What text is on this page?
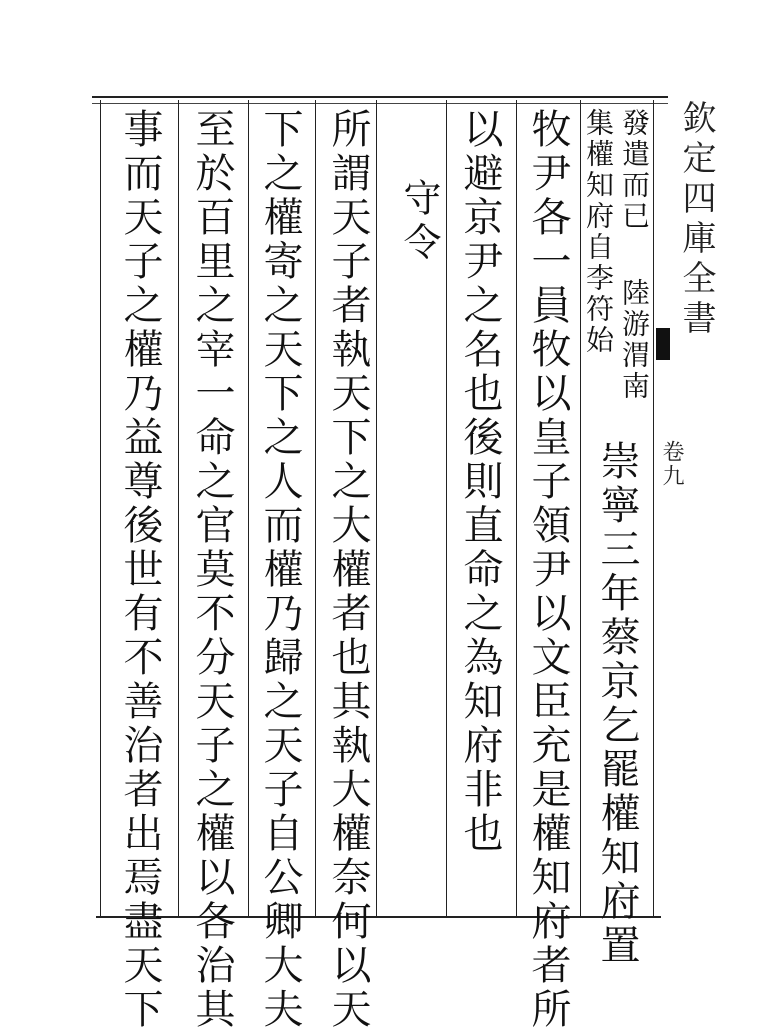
欽定四庫全書
卷九
發遣而已
陸游渭南
集權知府自李符始
崇寧三年蔡京乞罷權知府置
牧尹各一員牧以皇子領尹以文臣充是權知府者所
以避京尹之名也後則直命之為知府非也
守令
所謂天子者執天下之大權者也其執大權奈何以天
下之權寄之天下之人而權乃歸之天子自公卿大夫
至於百里之宰一命之官莫不分天子之權以各治其
事而天子之權乃益尊後世有不善治者出焉盡天下
